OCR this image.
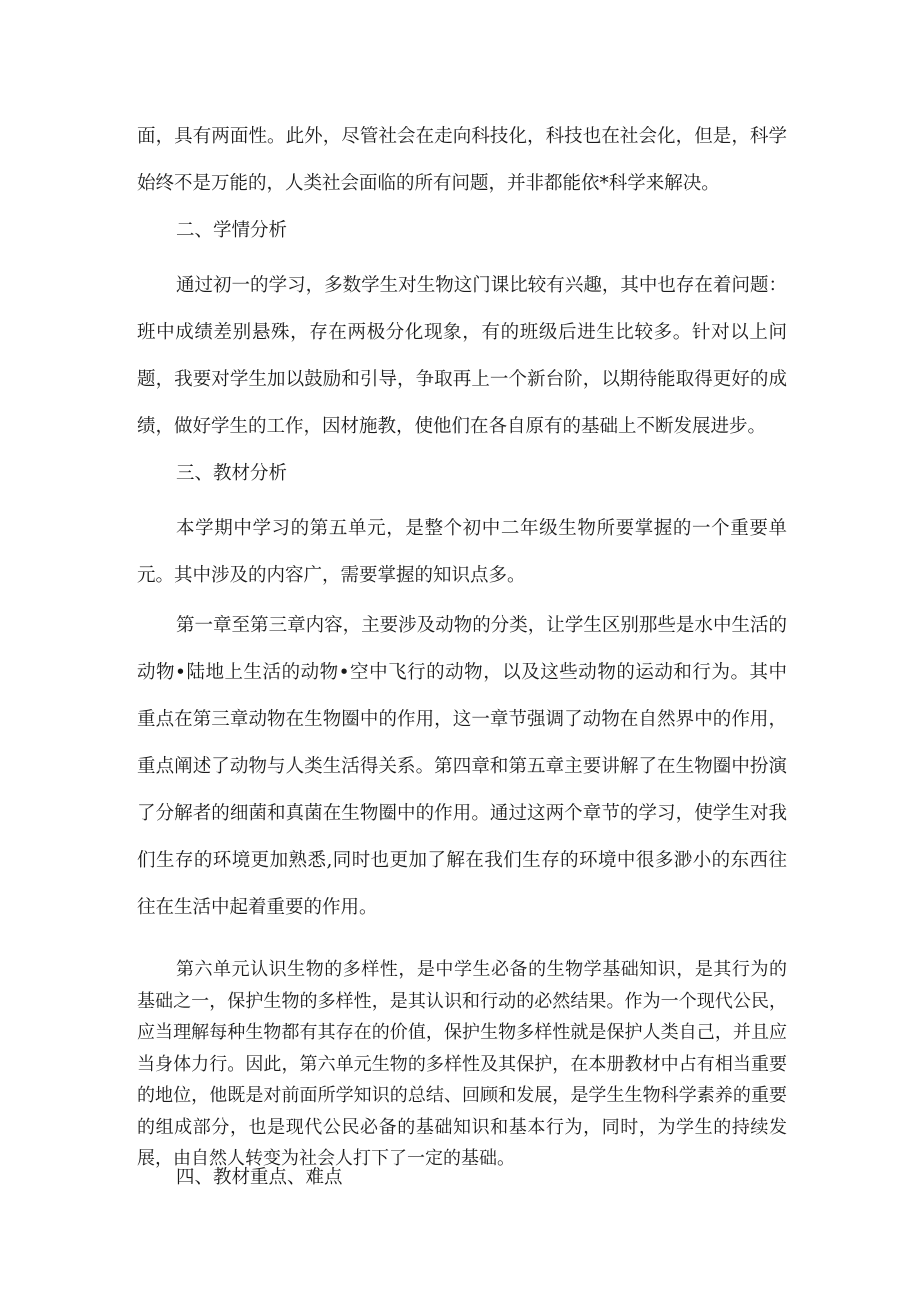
面，具有两面性。此外，尽管社会在走向科技化，科技也在社会化，但是，科学始终不是万能的，人类社会面临的所有问题，并非都能依*科学来解决。

二、学情分析

通过初一的学习，多数学生对生物这门课比较有兴趣，其中也存在着问题：班中成绩差别悬殊，存在两极分化现象，有的班级后进生比较多。针对以上问题，我要对学生加以鼓励和引导，争取再上一个新台阶，以期待能取得更好的成绩，做好学生的工作，因材施教，使他们在各自原有的基础上不断发展进步。

三、教材分析

本学期中学习的第五单元，是整个初中二年级生物所要掌握的一个重要单元。其中涉及的内容广，需要掌握的知识点多。

第一章至第三章内容，主要涉及动物的分类，让学生区别那些是水中生活的动物•陆地上生活的动物•空中飞行的动物，以及这些动物的运动和行为。其中重点在第三章动物在生物圈中的作用，这一章节强调了动物在自然界中的作用，重点阐述了动物与人类生活得关系。第四章和第五章主要讲解了在生物圈中扮演了分解者的细菌和真菌在生物圈中的作用。通过这两个章节的学习，使学生对我们生存的环境更加熟悉,同时也更加了解在我们生存的环境中很多渺小的东西往往在生活中起着重要的作用。

第六单元认识生物的多样性，是中学生必备的生物学基础知识，是其行为的基础之一，保护生物的多样性，是其认识和行动的必然结果。作为一个现代公民，应当理解每种生物都有其存在的价值，保护生物多样性就是保护人类自己，并且应当身体力行。因此，第六单元生物的多样性及其保护，在本册教材中占有相当重要的地位，他既是对前面所学知识的总结、回顾和发展，是学生生物科学素养的重要的组成部分，也是现代公民必备的基础知识和基本行为，同时，为学生的持续发展，由自然人转变为社会人打下了一定的基础。

四、教材重点、难点
